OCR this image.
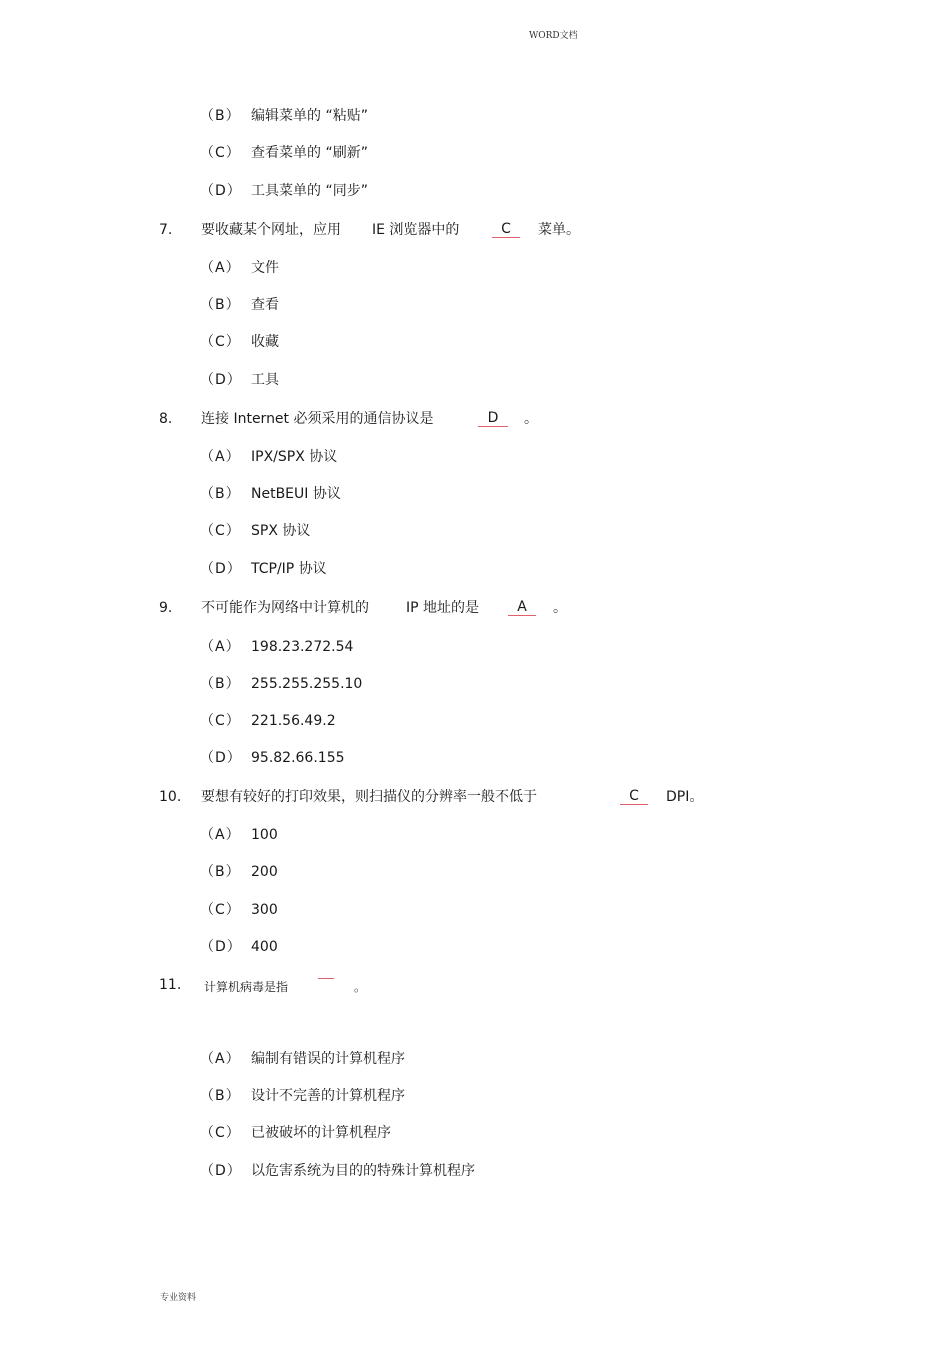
WORD文档
（B） 编辑菜单的 “粘贴”
（C） 查看菜单的 “刷新”
（D） 工具菜单的 “同步”
7. 要收藏某个网址，应用 IE 浏览器中的	C	菜单。
（A） 文件
（B） 查看
（C） 收藏
（D） 工具
8. 连接 Internet 必须采用的通信协议是	D	。
（A） IPX/SPX 协议
（B） NetBEUI 协议
（C） SPX 协议
（D） TCP/IP 协议
9. 不可能作为网络中计算机的	IP 地址的是	A	。
（A） 198.23.272.54
（B） 255.255.255.10
（C） 221.56.49.2
（D） 95.82.66.155
10. 要想有较好的打印效果，则扫描仪的分辨率一般不低于	C	DPI。
（A） 100
（B） 200
（C） 300
（D） 400
11. 计算机病毒是指	。
（A） 编制有错误的计算机程序
（B） 设计不完善的计算机程序
（C） 已被破坏的计算机程序
（D） 以危害系统为目的的特殊计算机程序
专业资料
